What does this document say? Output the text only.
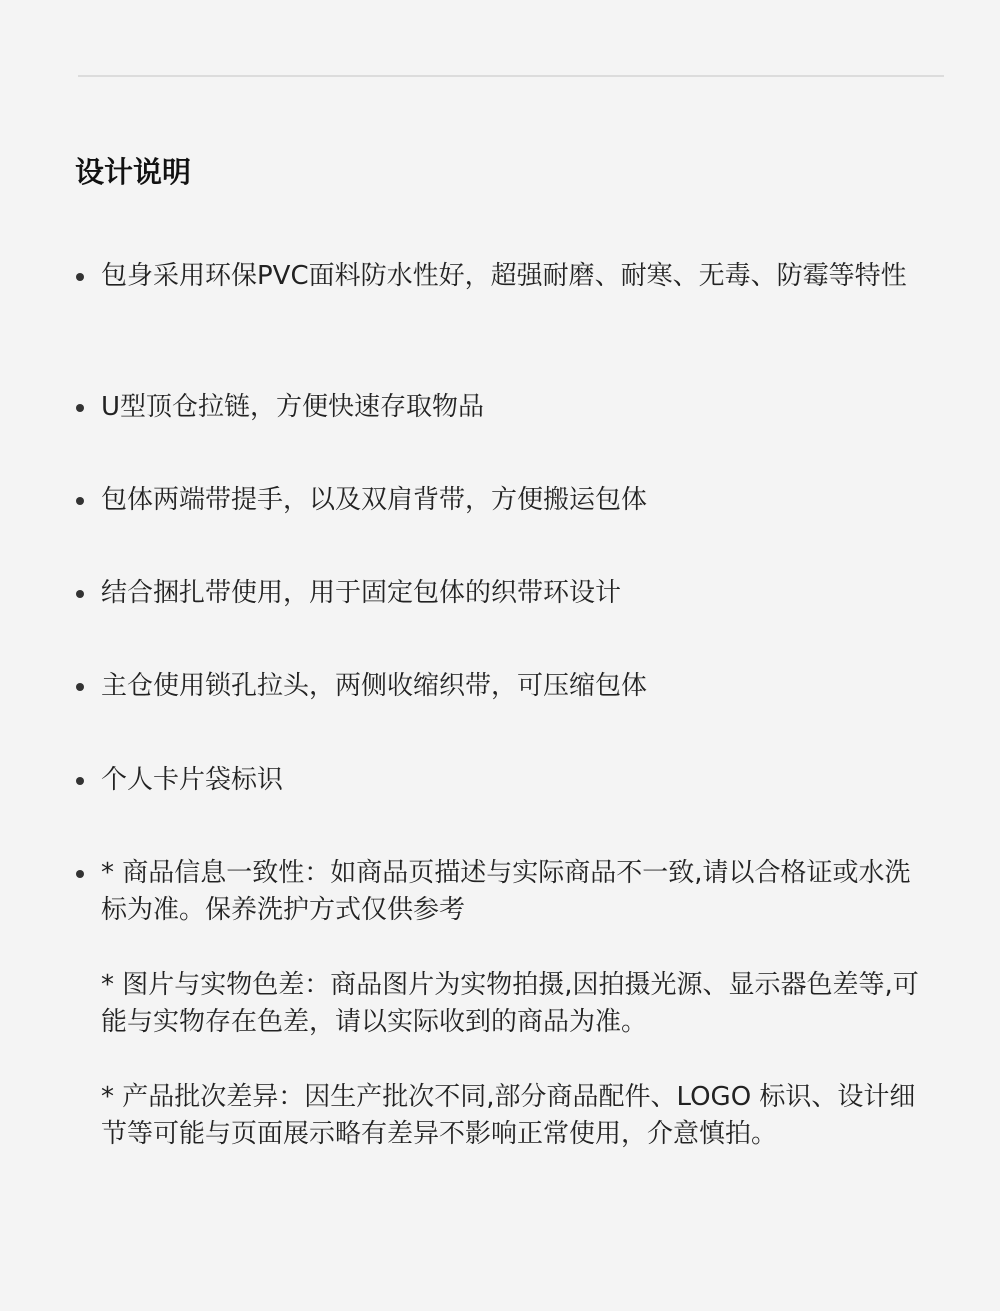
设计说明
包身采用环保PVC面料防水性好，超强耐磨、耐寒、无毒、防霉等特性
U型顶仓拉链，方便快速存取物品
包体两端带提手，以及双肩背带，方便搬运包体
结合捆扎带使用，用于固定包体的织带环设计
主仓使用锁孔拉头，两侧收缩织带，可压缩包体
个人卡片袋标识
* 商品信息一致性：如商品页描述与实际商品不一致,请以合格证或水洗标为准。保养洗护方式仅供参考
* 图片与实物色差：商品图片为实物拍摄,因拍摄光源、显示器色差等,可能与实物存在色差，请以实际收到的商品为准。
* 产品批次差异：因生产批次不同,部分商品配件、LOGO 标识、设计细节等可能与页面展示略有差异不影响正常使用，介意慎拍。
